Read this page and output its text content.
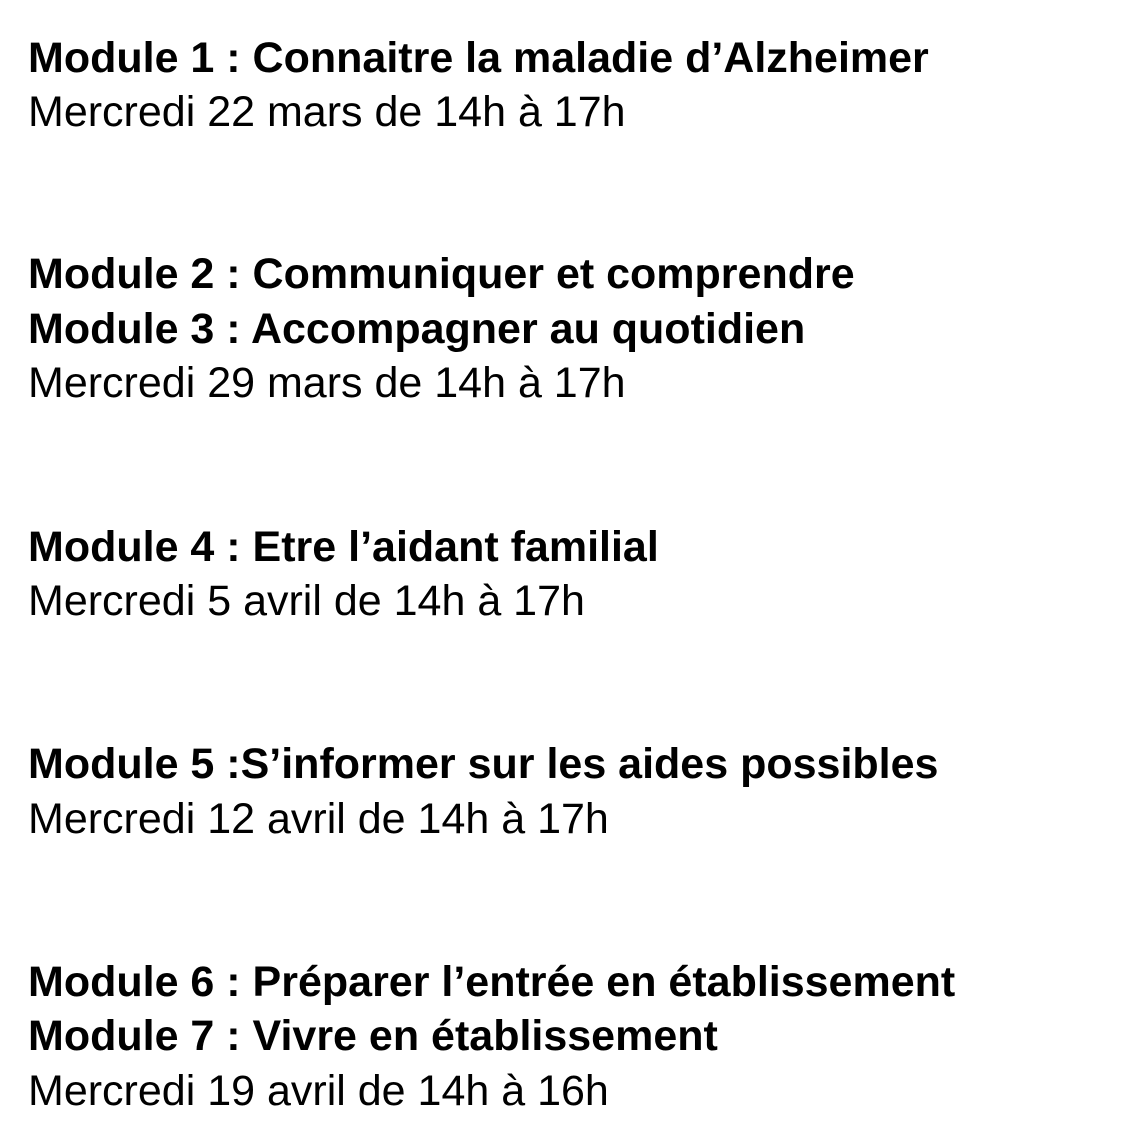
Module 1 : Connaitre la maladie d’Alzheimer

Mercredi 22 mars de 14h à 17h

Module 2 : Communiquer et comprendre

Module 3 : Accompagner au quotidien

Mercredi 29 mars de 14h à 17h

Module 4 : Etre l’aidant familial

Mercredi 5 avril de 14h à 17h

Module 5 :S’informer sur les aides possibles

Mercredi 12 avril de 14h à 17h

Module 6 : Préparer l’entrée en établissement

Module 7 : Vivre en établissement

Mercredi 19 avril de 14h à 16h
